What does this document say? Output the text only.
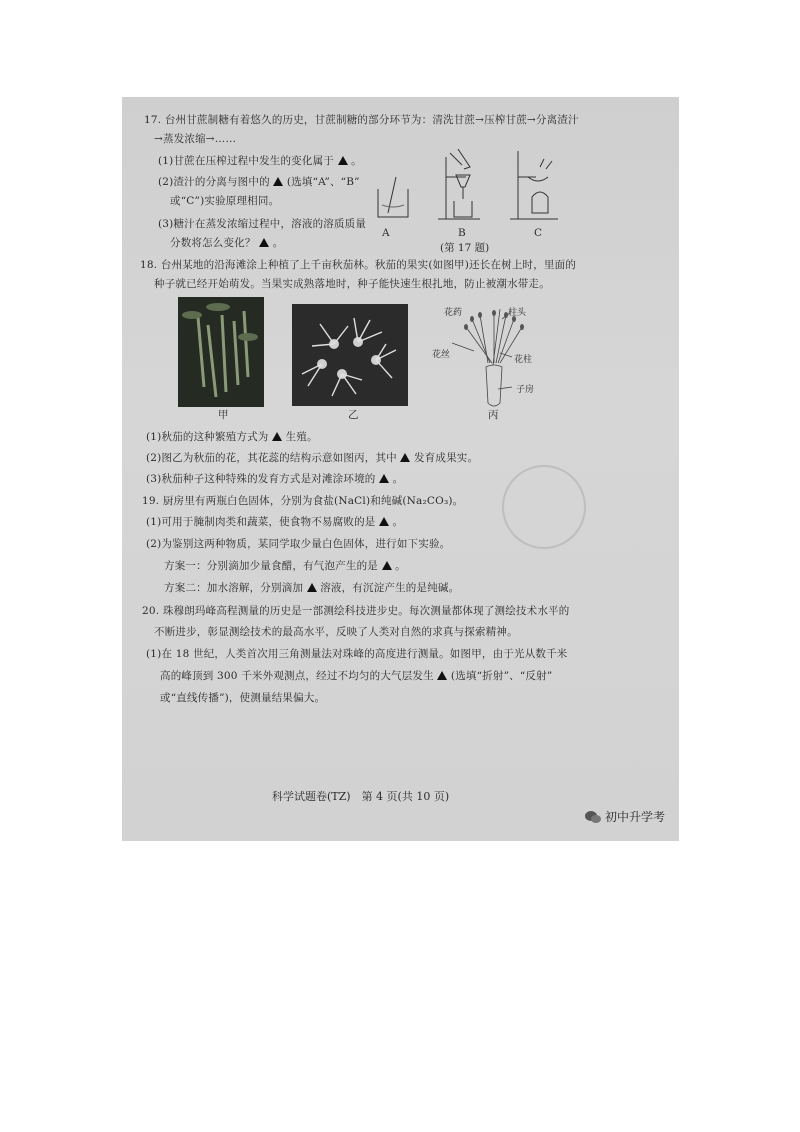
17. 台州甘蔗制糖有着悠久的历史，甘蔗制糖的部分环节为：清洗甘蔗→压榨甘蔗→分离渣汁
→蒸发浓缩→……
(1)甘蔗在压榨过程中发生的变化属于 。
(2)渣汁的分离与图中的 (选填“A”、“B”
或“C”)实验原理相同。
(3)糖汁在蒸发浓缩过程中，溶液的溶质质量
分数将怎么变化？ 。
A	B	C
(第 17 题)
18. 台州某地的沿海滩涂上种植了上千亩秋茄林。秋茄的果实(如图甲)还长在树上时，里面的
种子就已经开始萌发。当果实成熟落地时，种子能快速生根扎地，防止被潮水带走。
花药	柱头
花丝	花柱
子房
甲	乙	丙
(1)秋茄的这种繁殖方式为 生殖。
(2)图乙为秋茄的花，其花蕊的结构示意如图丙，其中 发育成果实。
(3)秋茄种子这种特殊的发育方式是对滩涂环境的 。
19. 厨房里有两瓶白色固体，分别为食盐(NaCl)和纯碱(Na₂CO₃)。
(1)可用于腌制肉类和蔬菜，使食物不易腐败的是 。
(2)为鉴别这两种物质，某同学取少量白色固体，进行如下实验。
方案一：分别滴加少量食醋，有气泡产生的是 。
方案二：加水溶解，分别滴加 溶液，有沉淀产生的是纯碱。
20. 珠穆朗玛峰高程测量的历史是一部测绘科技进步史。每次测量都体现了测绘技术水平的
不断进步，彰显测绘技术的最高水平，反映了人类对自然的求真与探索精神。
(1)在 18 世纪，人类首次用三角测量法对珠峰的高度进行测量。如图甲，由于光从数千米
高的峰顶到 300 千米外观测点，经过不均匀的大气层发生 (选填“折射”、“反射”
或“直线传播”)，使测量结果偏大。
科学试题卷(TZ)　第 4 页(共 10 页)
初中升学考
